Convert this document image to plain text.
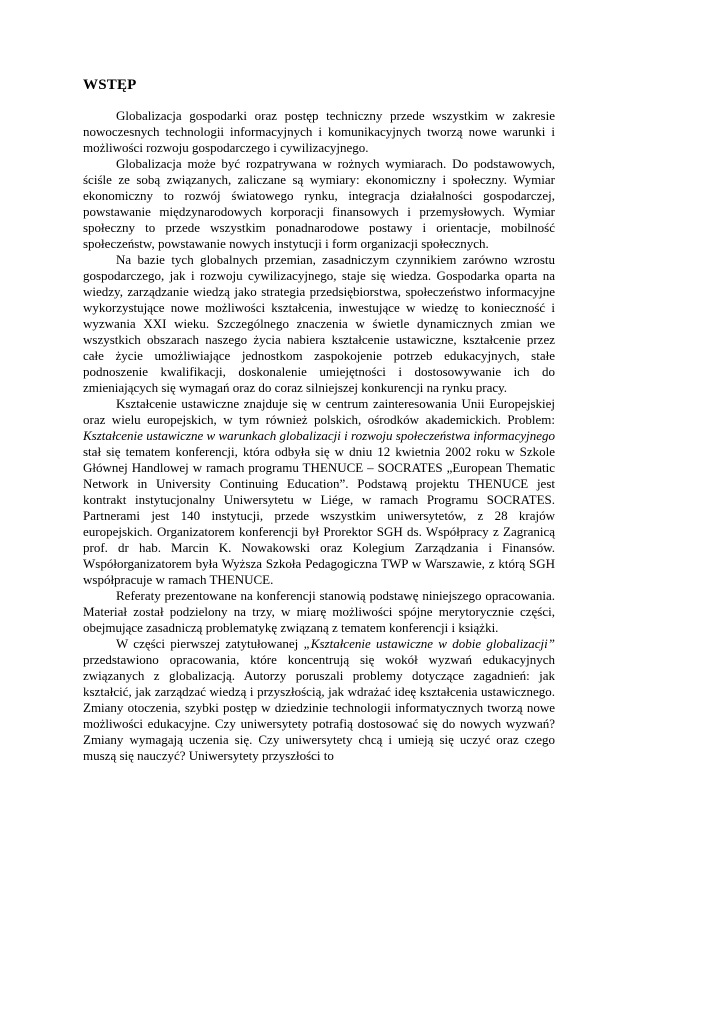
WSTĘP

Globalizacja gospodarki oraz postęp techniczny przede wszystkim w zakresie nowoczesnych technologii informacyjnych i komunikacyjnych tworzą nowe warunki i możliwości rozwoju gospodarczego i cywilizacyjnego.

Globalizacja może być rozpatrywana w rożnych wymiarach. Do podstawowych, ściśle ze sobą związanych, zaliczane są wymiary: ekonomiczny i społeczny. Wymiar ekonomiczny to rozwój światowego rynku, integracja działalności gospodarczej, powstawanie międzynarodowych korporacji finansowych i przemysłowych. Wymiar społeczny to przede wszystkim ponadnarodowe postawy i orientacje, mobilność społeczeństw, powstawanie nowych instytucji i form organizacji społecznych.

Na bazie tych globalnych przemian, zasadniczym czynnikiem zarówno wzrostu gospodarczego, jak i rozwoju cywilizacyjnego, staje się wiedza. Gospodarka oparta na wiedzy, zarządzanie wiedzą jako strategia przedsiębiorstwa, społeczeństwo informacyjne wykorzystujące nowe możliwości kształcenia, inwestujące w wiedzę to konieczność i wyzwania XXI wieku. Szczególnego znaczenia w świetle dynamicznych zmian we wszystkich obszarach naszego życia nabiera kształcenie ustawiczne, kształcenie przez całe życie umożliwiające jednostkom zaspokojenie potrzeb edukacyjnych, stałe podnoszenie kwalifikacji, doskonalenie umiejętności i dostosowywanie ich do zmieniających się wymagań oraz do coraz silniejszej konkurencji na rynku pracy.

Kształcenie ustawiczne znajduje się w centrum zainteresowania Unii Europejskiej oraz wielu europejskich, w tym również polskich, ośrodków akademickich. Problem: Kształcenie ustawiczne w warunkach globalizacji i rozwoju społeczeństwa informacyjnego stał się tematem konferencji, która odbyła się w dniu 12 kwietnia 2002 roku w Szkole Głównej Handlowej w ramach programu THENUCE – SOCRATES „European Thematic Network in University Continuing Education”. Podstawą projektu THENUCE jest kontrakt instytucjonalny Uniwersytetu w Liége, w ramach Programu SOCRATES. Partnerami jest 140 instytucji, przede wszystkim uniwersytetów, z 28 krajów europejskich. Organizatorem konferencji był Prorektor SGH ds. Współpracy z Zagranicą prof. dr hab. Marcin K. Nowakowski oraz Kolegium Zarządzania i Finansów. Współorganizatorem była Wyższa Szkoła Pedagogiczna TWP w Warszawie, z którą SGH współpracuje w ramach THENUCE.

Referaty prezentowane na konferencji stanowią podstawę niniejszego opracowania. Materiał został podzielony na trzy, w miarę możliwości spójne merytorycznie części, obejmujące zasadniczą problematykę związaną z tematem konferencji i książki.

W części pierwszej zatytułowanej „Kształcenie ustawiczne w dobie globalizacji” przedstawiono opracowania, które koncentrują się wokół wyzwań edukacyjnych związanych z globalizacją. Autorzy poruszali problemy dotyczące zagadnień: jak kształcić, jak zarządzać wiedzą i przyszłością, jak wdrażać ideę kształcenia ustawicznego. Zmiany otoczenia, szybki postęp w dziedzinie technologii informatycznych tworzą nowe możliwości edukacyjne. Czy uniwersytety potrafią dostosować się do nowych wyzwań? Zmiany wymagają uczenia się. Czy uniwersytety chcą i umieją się uczyć oraz czego muszą się nauczyć? Uniwersytety przyszłości to
